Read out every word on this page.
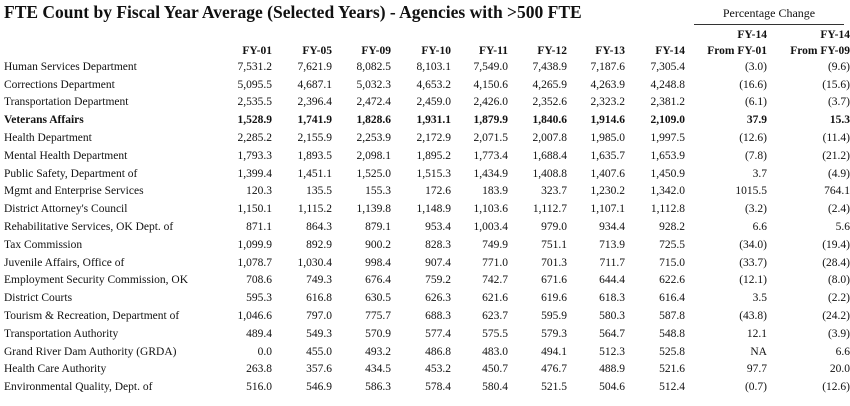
FTE Count by Fiscal Year Average (Selected Years) - Agencies with >500 FTE	Percentage Change
									FY-14	FY-14
	FY-01	FY-05	FY-09	FY-10	FY-11	FY-12	FY-13	FY-14	From FY-01	From FY-09
Human Services Department	7,531.2	7,621.9	8,082.5	8,103.1	7,549.0	7,438.9	7,187.6	7,305.4	(3.0)	(9.6)
Corrections Department	5,095.5	4,687.1	5,032.3	4,653.2	4,150.6	4,265.9	4,263.9	4,248.8	(16.6)	(15.6)
Transportation Department	2,535.5	2,396.4	2,472.4	2,459.0	2,426.0	2,352.6	2,323.2	2,381.2	(6.1)	(3.7)
Veterans Affairs	1,528.9	1,741.9	1,828.6	1,931.1	1,879.9	1,840.6	1,914.6	2,109.0	37.9	15.3
Health Department	2,285.2	2,155.9	2,253.9	2,172.9	2,071.5	2,007.8	1,985.0	1,997.5	(12.6)	(11.4)
Mental Health Department	1,793.3	1,893.5	2,098.1	1,895.2	1,773.4	1,688.4	1,635.7	1,653.9	(7.8)	(21.2)
Public Safety, Department of	1,399.4	1,451.1	1,525.0	1,515.3	1,434.9	1,408.8	1,407.6	1,450.9	3.7	(4.9)
Mgmt and Enterprise Services	120.3	135.5	155.3	172.6	183.9	323.7	1,230.2	1,342.0	1015.5	764.1
District Attorney's Council	1,150.1	1,115.2	1,139.8	1,148.9	1,103.6	1,112.7	1,107.1	1,112.8	(3.2)	(2.4)
Rehabilitative Services, OK Dept. of	871.1	864.3	879.1	953.4	1,003.4	979.0	934.4	928.2	6.6	5.6
Tax Commission	1,099.9	892.9	900.2	828.3	749.9	751.1	713.9	725.5	(34.0)	(19.4)
Juvenile Affairs, Office of	1,078.7	1,030.4	998.4	907.4	771.0	701.3	711.7	715.0	(33.7)	(28.4)
Employment Security Commission, OK	708.6	749.3	676.4	759.2	742.7	671.6	644.4	622.6	(12.1)	(8.0)
District Courts	595.3	616.8	630.5	626.3	621.6	619.6	618.3	616.4	3.5	(2.2)
Tourism & Recreation, Department of	1,046.6	797.0	775.7	688.3	623.7	595.9	580.3	587.8	(43.8)	(24.2)
Transportation Authority	489.4	549.3	570.9	577.4	575.5	579.3	564.7	548.8	12.1	(3.9)
Grand River Dam Authority (GRDA)	0.0	455.0	493.2	486.8	483.0	494.1	512.3	525.8	NA	6.6
Health Care Authority	263.8	357.6	434.5	453.2	450.7	476.7	488.9	521.6	97.7	20.0
Environmental Quality, Dept. of	516.0	546.9	586.3	578.4	580.4	521.5	504.6	512.4	(0.7)	(12.6)
